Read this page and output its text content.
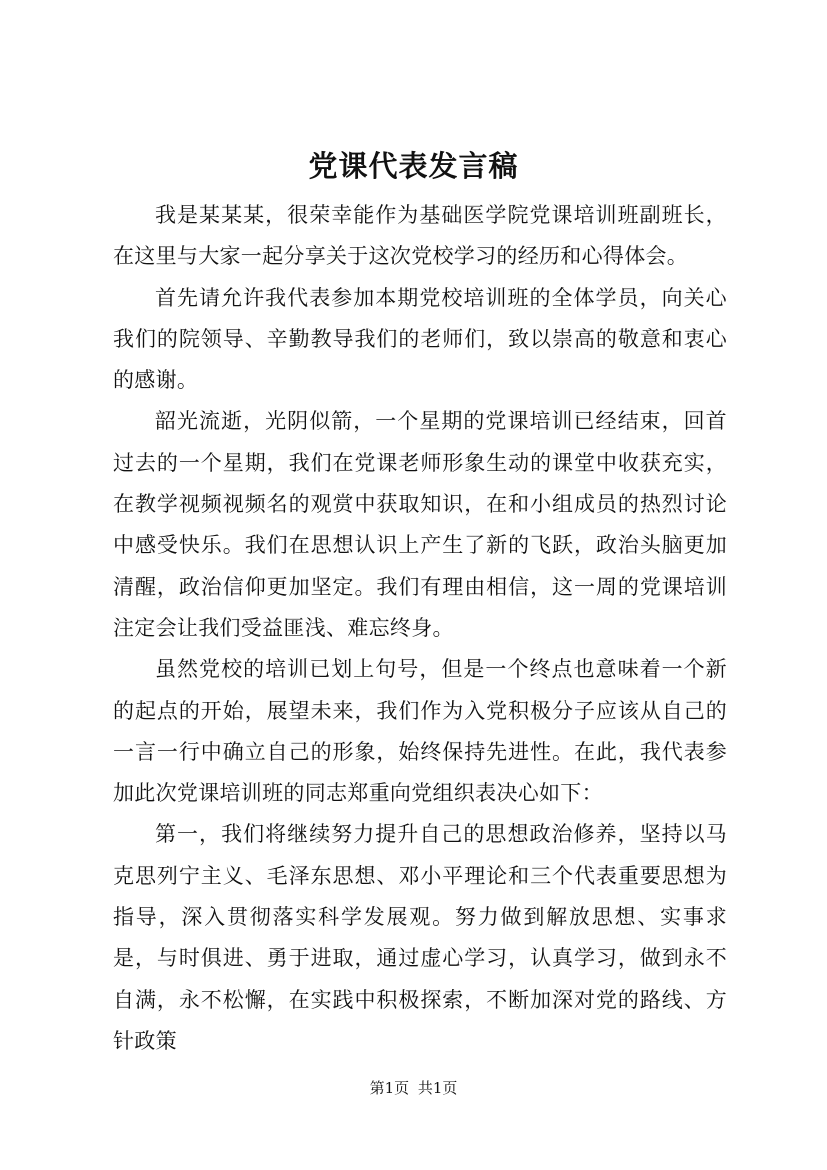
党课代表发言稿

我是某某某，很荣幸能作为基础医学院党课培训班副班长，在这里与大家一起分享关于这次党校学习的经历和心得体会。

首先请允许我代表参加本期党校培训班的全体学员，向关心我们的院领导、辛勤教导我们的老师们，致以崇高的敬意和衷心的感谢。

韶光流逝，光阴似箭，一个星期的党课培训已经结束，回首过去的一个星期，我们在党课老师形象生动的课堂中收获充实，在教学视频视频名的观赏中获取知识，在和小组成员的热烈讨论中感受快乐。我们在思想认识上产生了新的飞跃，政治头脑更加清醒，政治信仰更加坚定。我们有理由相信，这一周的党课培训注定会让我们受益匪浅、难忘终身。

虽然党校的培训已划上句号，但是一个终点也意味着一个新的起点的开始，展望未来，我们作为入党积极分子应该从自己的一言一行中确立自己的形象，始终保持先进性。在此，我代表参加此次党课培训班的同志郑重向党组织表决心如下：

第一，我们将继续努力提升自己的思想政治修养，坚持以马克思列宁主义、毛泽东思想、邓小平理论和三个代表重要思想为指导，深入贯彻落实科学发展观。努力做到解放思想、实事求是，与时俱进、勇于进取，通过虚心学习，认真学习，做到永不自满，永不松懈，在实践中积极探索，不断加深对党的路线、方针政策

第1页 共1页
